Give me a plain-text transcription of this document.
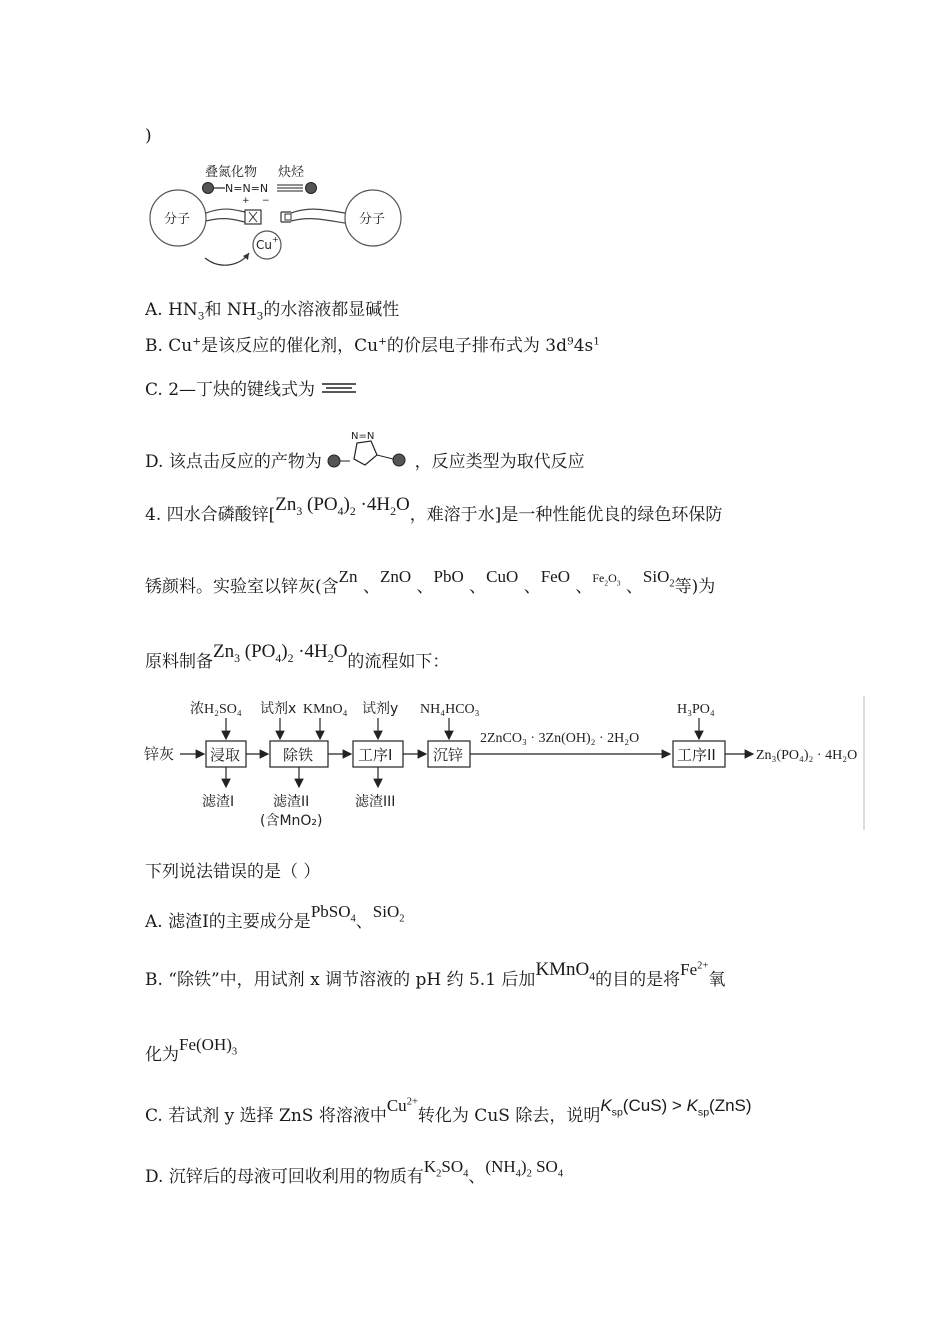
)
叠氮化物 炔烃
N=N=N
+ −
分子	分子
Cu +
A. $HN_3$和 $NH_3$的水溶液都显碱性
B. Cu+是该反应的催化剂，Cu+的价层电子排布式为 $3d^94s^1$
C. 2—丁炔的键线式为
D. 该点击反应的产物为
N=N
，反应类型为取代反应
4. 四水合磷酸锌[$Zn_3$ $(PO_4)_2 \cdot 4H_2O$，难溶于水]是一种性能优良的绿色环保防
锈颜料。实验室以锌灰(含Zn 、ZnO 、PbO 、CuO 、FeO 、$^{Fe_2O_3}$ 、SiO$_2$等)为
原料制备$Zn_3$ $(PO_4)_2 \cdot 4H_2O$的流程如下：
锌灰 浸取	除铁	工序I	沉锌
2ZnCO₃ · 3Zn(OH)₂ · 2H₂O
工序II	Zn₃(PO₄)₂ · 4H₂O
浓H₂SO₄ 试剂x KMnO₄ 试剂y NH₄HCO₃	H₃PO₄
滤渣I	滤渣II
(含MnO₂)
滤渣III
下列说法错误的是（ ）
A. 滤渣Ⅰ的主要成分是PbSO$_4$、SiO$_2$
B. “除铁”中，用试剂 x 调节溶液的 pH 约 5.1 后加KMnO$_4$的目的是将$Fe^{2+}$氧
化为$Fe(OH)_3$
C. 若试剂 y 选择 ZnS 将溶液中$Cu^{2+}$转化为 CuS 除去，说明$K_{sp}(CuS) > K_{sp}(ZnS)$
D. 沉锌后的母液可回收利用的物质有$K_2SO_4$、$(NH_4)_2$ $SO_4$
